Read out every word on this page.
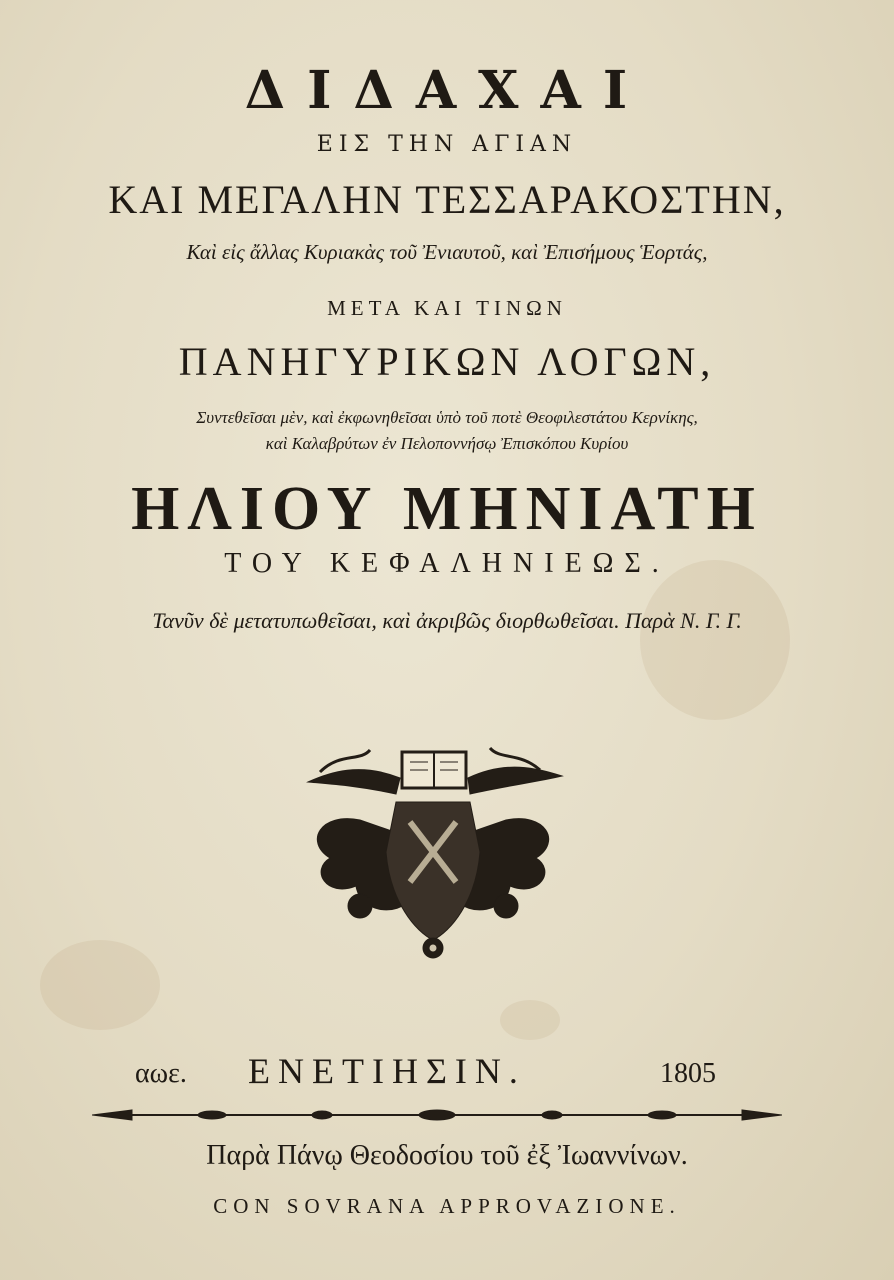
ΔΙΔΑΧΑΙ
ΕΙΣ ΤΗΝ ΑΓΙΑΝ
ΚΑΙ ΜΕΓΑΛΗΝ ΤΕΣΣΑΡΑΚΟΣΤΗΝ,
Καὶ εἰς ἄλλας Κυριακὰς τοῦ Ἐνιαυτοῦ, καὶ Ἐπισήμους Ἑορτάς,
ΜΕΤΑ ΚΑΙ ΤΙΝΩΝ
ΠΑΝΗΓΥΡΙΚΩΝ ΛΟΓΩΝ,
Συντεθεῖσαι μὲν, καὶ ἐκφωνηθεῖσαι ὑπὸ τοῦ ποτὲ Θεοφιλεστάτου Κερνίκης,
καὶ Καλαβρύτων ἐν Πελοποννήσῳ Ἐπισκόπου Κυρίου
ΗΛΙΟΥ ΜΗΝΙΑΤΗ
ΤΟΥ ΚΕΦΑΛΗΝΙΕΩΣ.
Τανῦν δὲ μετατυπωθεῖσαι, καὶ ἀκριβῶς διορθωθεῖσαι. Παρὰ Ν. Γ. Γ.
αωε. ΕΝΕΤΙΗΣΙΝ.	1805
Παρὰ Πάνῳ Θεοδοσίου τοῦ ἐξ Ἰωαννίνων.
CON SOVRANA APPROVAZIONE.
